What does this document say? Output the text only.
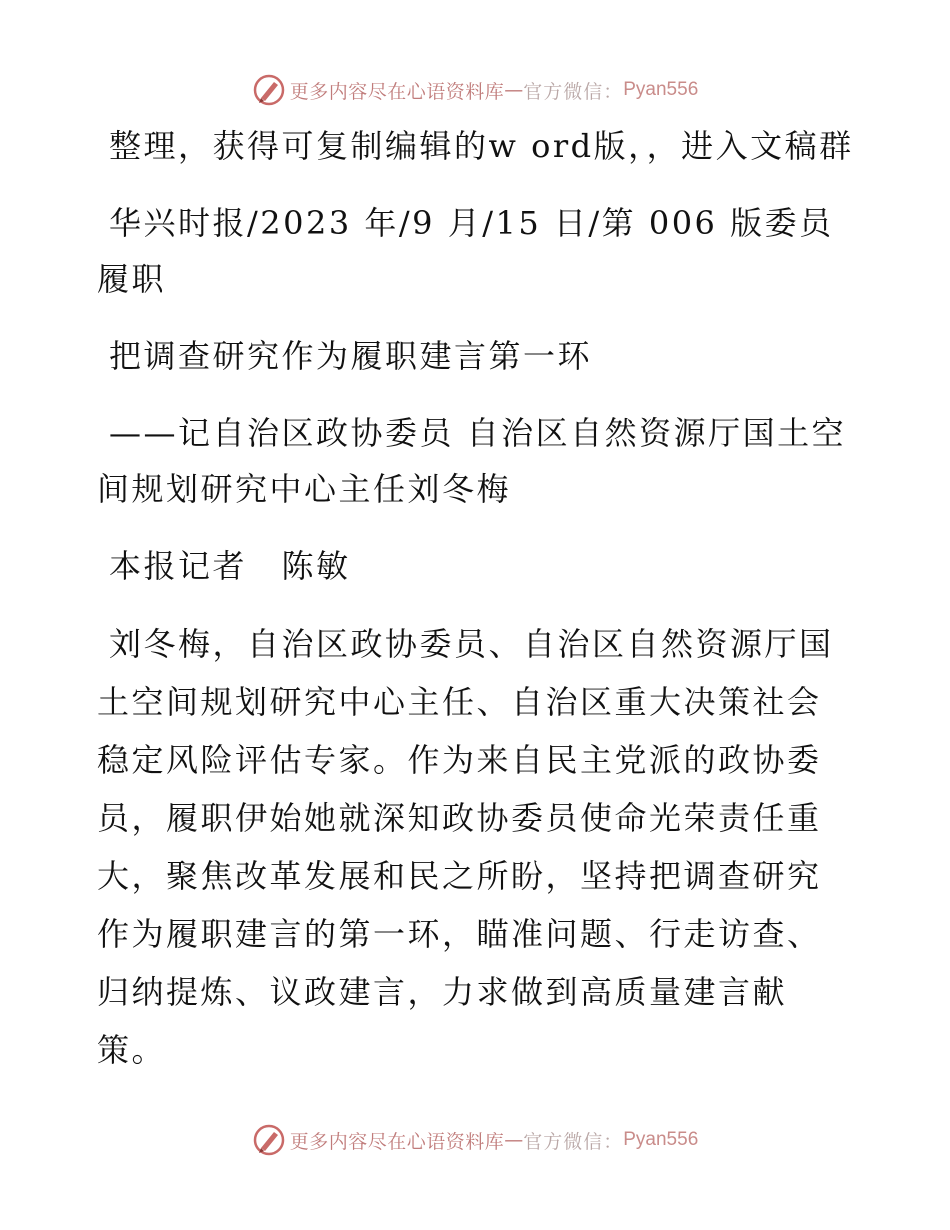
更多内容尽在心语资料库 — 官方微信： Pyan556

整理，获得可复制编辑的w ord版，，进入文稿群

华兴时报/2023 年/9 月/15 日/第 006 版委员履职

把调查研究作为履职建言第一环

——记自治区政协委员 自治区自然资源厅国土空间规划研究中心主任刘冬梅

本报记者　陈敏

刘冬梅，自治区政协委员、自治区自然资源厅国土空间规划研究中心主任、自治区重大决策社会稳定风险评估专家。作为来自民主党派的政协委员，履职伊始她就深知政协委员使命光荣责任重大，聚焦改革发展和民之所盼，坚持把调查研究作为履职建言的第一环，瞄准问题、行走访查、归纳提炼、议政建言，力求做到高质量建言献策。

更多内容尽在心语资料库 — 官方微信： Pyan556
